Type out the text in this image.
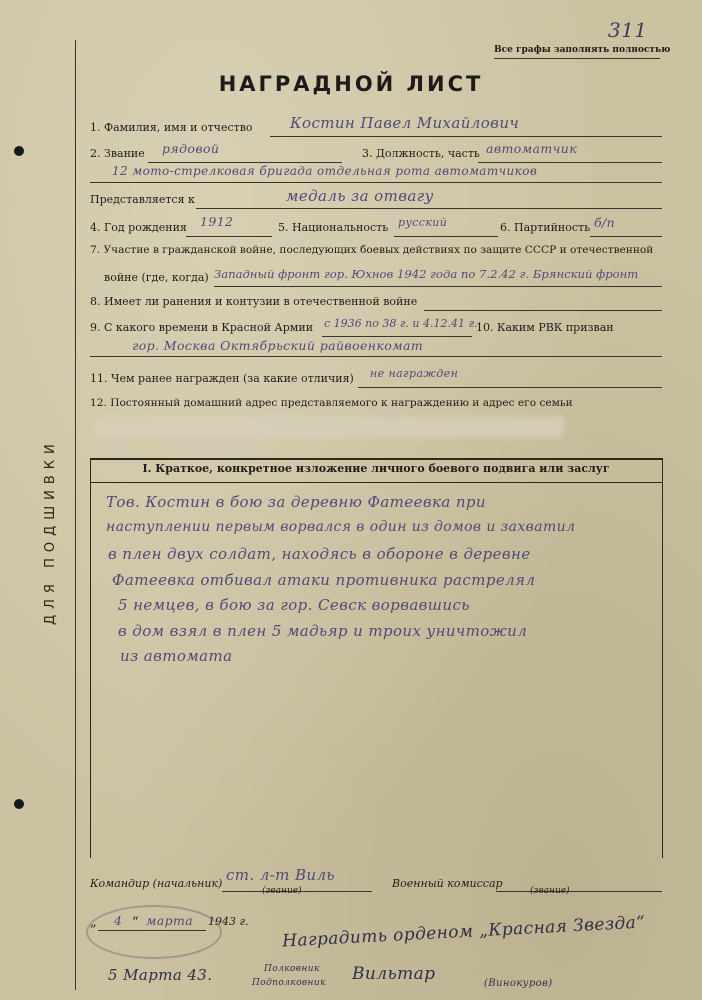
ДЛЯ ПОДШИВКИ
Все графы заполнять полностью
311
НАГРАДНОЙ ЛИСТ
1. Фамилия, имя и отчество Костин Павел Михайлович
2. Звание рядовой	3. Должность, часть автоматчик
12 мото-стрелковая бригада отдельная рота автоматчиков
Представляется к	медаль за отвагу
4. Год рождения 1912	5. Национальность русский	6. Партийность б/п
7. Участие в гражданской войне, последующих боевых действиях по защите СССР и отечественной
войне (где, когда) Западный фронт гор. Юхнов 1942 года по 7.2.42 г. Брянский фронт
8. Имеет ли ранения и контузии в отечественной войне
9. С какого времени в Красной Армии с 1936 по 38 г. и 4.12.41 г.
10. Каким РВК призван
гор. Москва Октябрьский райвоенкомат
11. Чем ранее награжден (за какие отличия) не награжден
12. Постоянный домашний адрес представляемого к награждению и адрес его семьи
I. Краткое, конкретное изложение личного боевого подвига или заслуг
Тов. Костин в бою за деревню Фатеевка при
наступлении первым ворвался в один из домов и захватил
в плен двух солдат, находясь в обороне в деревне
Фатеевка отбивал атаки противника растрелял
5 немцев, в бою за гор. Севск ворвавшись
в дом взял в плен 5 мадьяр и троих уничтожил
из автомата
Командир (начальник) ст. л-т Виль
(звание)
Военный комиссар
(звание)
„ 4 “ марта 1943 г. Наградить орденом „Красная Звезда“
5 Марта 43.	Полковник
Подполковник Вильтар	(Винокуров)
